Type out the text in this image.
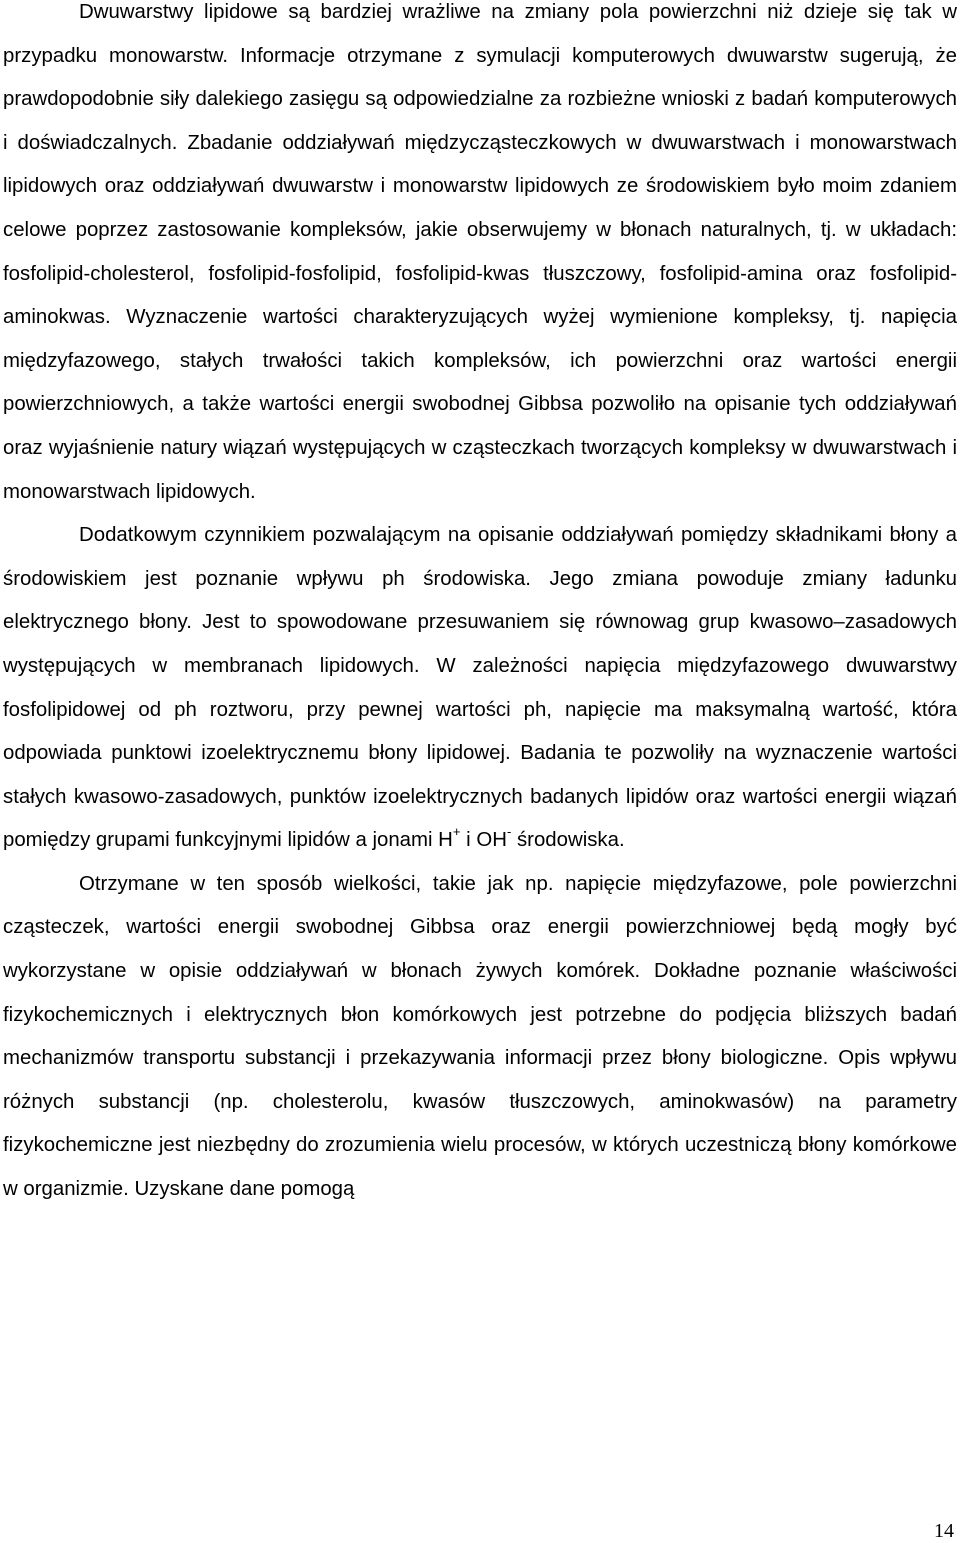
Dwuwarstwy lipidowe są bardziej wrażliwe na zmiany pola powierzchni niż dzieje się tak w przypadku monowarstw. Informacje otrzymane z symulacji komputerowych dwuwarstw sugerują, że prawdopodobnie siły dalekiego zasięgu są odpowiedzialne za rozbieżne wnioski z badań komputerowych i doświadczalnych. Zbadanie oddziaływań międzycząsteczkowych w dwuwarstwach i monowarstwach lipidowych oraz oddziaływań dwuwarstw i monowarstw lipidowych ze środowiskiem było moim zdaniem celowe poprzez zastosowanie kompleksów, jakie obserwujemy w błonach naturalnych, tj. w układach: fosfolipid-cholesterol, fosfolipid-fosfolipid, fosfolipid-kwas tłuszczowy, fosfolipid-amina oraz fosfolipid-aminokwas. Wyznaczenie wartości charakteryzujących wyżej wymienione kompleksy, tj. napięcia międzyfazowego, stałych trwałości takich kompleksów, ich powierzchni oraz wartości energii powierzchniowych, a także wartości energii swobodnej Gibbsa pozwoliło na opisanie tych oddziaływań oraz wyjaśnienie natury wiązań występujących w cząsteczkach tworzących kompleksy w dwuwarstwach i monowarstwach lipidowych.

Dodatkowym czynnikiem pozwalającym na opisanie oddziaływań pomiędzy składnikami błony a środowiskiem jest poznanie wpływu ph środowiska. Jego zmiana powoduje zmiany ładunku elektrycznego błony. Jest to spowodowane przesuwaniem się równowag grup kwasowo–zasadowych występujących w membranach lipidowych. W zależności napięcia międzyfazowego dwuwarstwy fosfolipidowej od ph roztworu, przy pewnej wartości ph, napięcie ma maksymalną wartość, która odpowiada punktowi izoelektrycznemu błony lipidowej. Badania te pozwoliły na wyznaczenie wartości stałych kwasowo-zasadowych, punktów izoelektrycznych badanych lipidów oraz wartości energii wiązań pomiędzy grupami funkcyjnymi lipidów a jonami H+ i OH- środowiska.

Otrzymane w ten sposób wielkości, takie jak np. napięcie międzyfazowe, pole powierzchni cząsteczek, wartości energii swobodnej Gibbsa oraz energii powierzchniowej będą mogły być wykorzystane w opisie oddziaływań w błonach żywych komórek. Dokładne poznanie właściwości fizykochemicznych i elektrycznych błon komórkowych jest potrzebne do podjęcia bliższych badań mechanizmów transportu substancji i przekazywania informacji przez błony biologiczne. Opis wpływu różnych substancji (np. cholesterolu, kwasów tłuszczowych, aminokwasów) na parametry fizykochemiczne jest niezbędny do zrozumienia wielu procesów, w których uczestniczą błony komórkowe w organizmie. Uzyskane dane pomogą

14
